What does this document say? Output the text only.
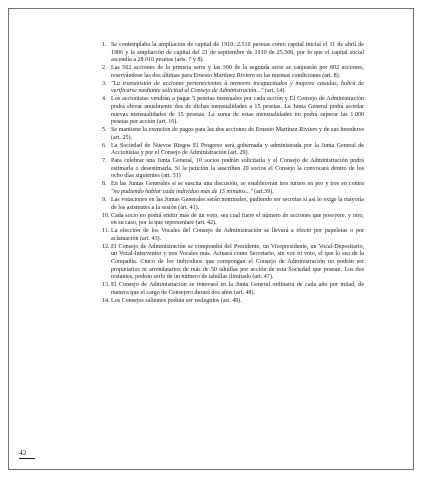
1. Se contemplaba la ampliación de capital de 1910: 2.510 pesetas como capital inicial el 11 de abril de 1906 y la ampliación de capital del 21 de septiembre de 1910 de 25.500, por lo que el capital social ascendía a 28.010 pesetas (arts. 7 y 8).
2. Las 502 acciones de la primera serie y las 300 de la segunda serie se canjearán por 802 acciones, reservándose las dos últimas para Ernesto Martínez Riviero en las mismas condiciones (art. 8).
3. "La transmisión de acciones pertenecientes á menores incapacitados y mujeres casadas, habrá de verificarse mediante solicitud al Consejo de Administración..." (art. 14).
4. Los accionistas vendrán a pagar 5 pesetas mensuales por cada acción y El Consejo de Administración podrá elevar anualmente dos de dichas mensualidades a 15 pesetas. La Junta General podrá acordar nuevas mensualidades de 15 pesetas. La suma de estas mensualidades no podrá superar las 1.000 pesetas por acción (art. 16).
5. Se mantiene la exención de pagos para las dos acciones de Ernesto Martínez Riviero y de sus herederos (art. 25).
6. La Sociedad de Nuevos Riegos El Progreso será gobernada y administrada por la Junta General de Accionistas y por el Consejo de Administración (art. 29).
7. Para celebrar una Junta General, 10 socios podrán solicitarla y el Consejo de Administración podrá estimarla o desestimarla. Si la petición la suscriben 20 socios el Consejo la convocará dentro de los ocho días siguientes (art. 31)
8. En las Juntas Generales si se suscita una discusión, se establecerán tres turnos en pro y tres en contra "no pudiendo hablar cada individuo más de 15 minutos..." (art.39).
9. Las votaciones en las Juntas Generales serán nominales, pudiendo ser secretas si así lo exige la mayoría de los asistentes a la sesión (art. 41).
10. Cada socio no podrá emitir más de un voto, sea cual fuere el número de acciones que poseyere, y otro, en su caso, por la que representare (art. 42).
11. La elección de los Vocales del Consejo de Administración se llevará a efecto por papeletas o por aclamación (art. 43).
12. El Consejo de Administración se compondrá del Presidente, un Vicepresidente, un Vocal-Depositario, un Vocal-Interventor y tres Vocales más. Actuará como Secretario, sin voz ni voto, el que lo sea de la Compañía. Cinco de los individuos que compongan el Consejo de Administración no podrán ser propietarios ni arrendatarios de más de 50 tahúllas por acción de esta Sociedad que posean. Los dos restantes, podrán serlo de un número de tahúllas ilimitado (art. 47).
13. El Consejo de Administración se renovará en la Junta General ordinaria de cada año por mitad, de manera que el cargo de Consejero durará dos años (art. 48).
14. Los Consejos salientes podrán ser reelegidos (art. 49).
42
